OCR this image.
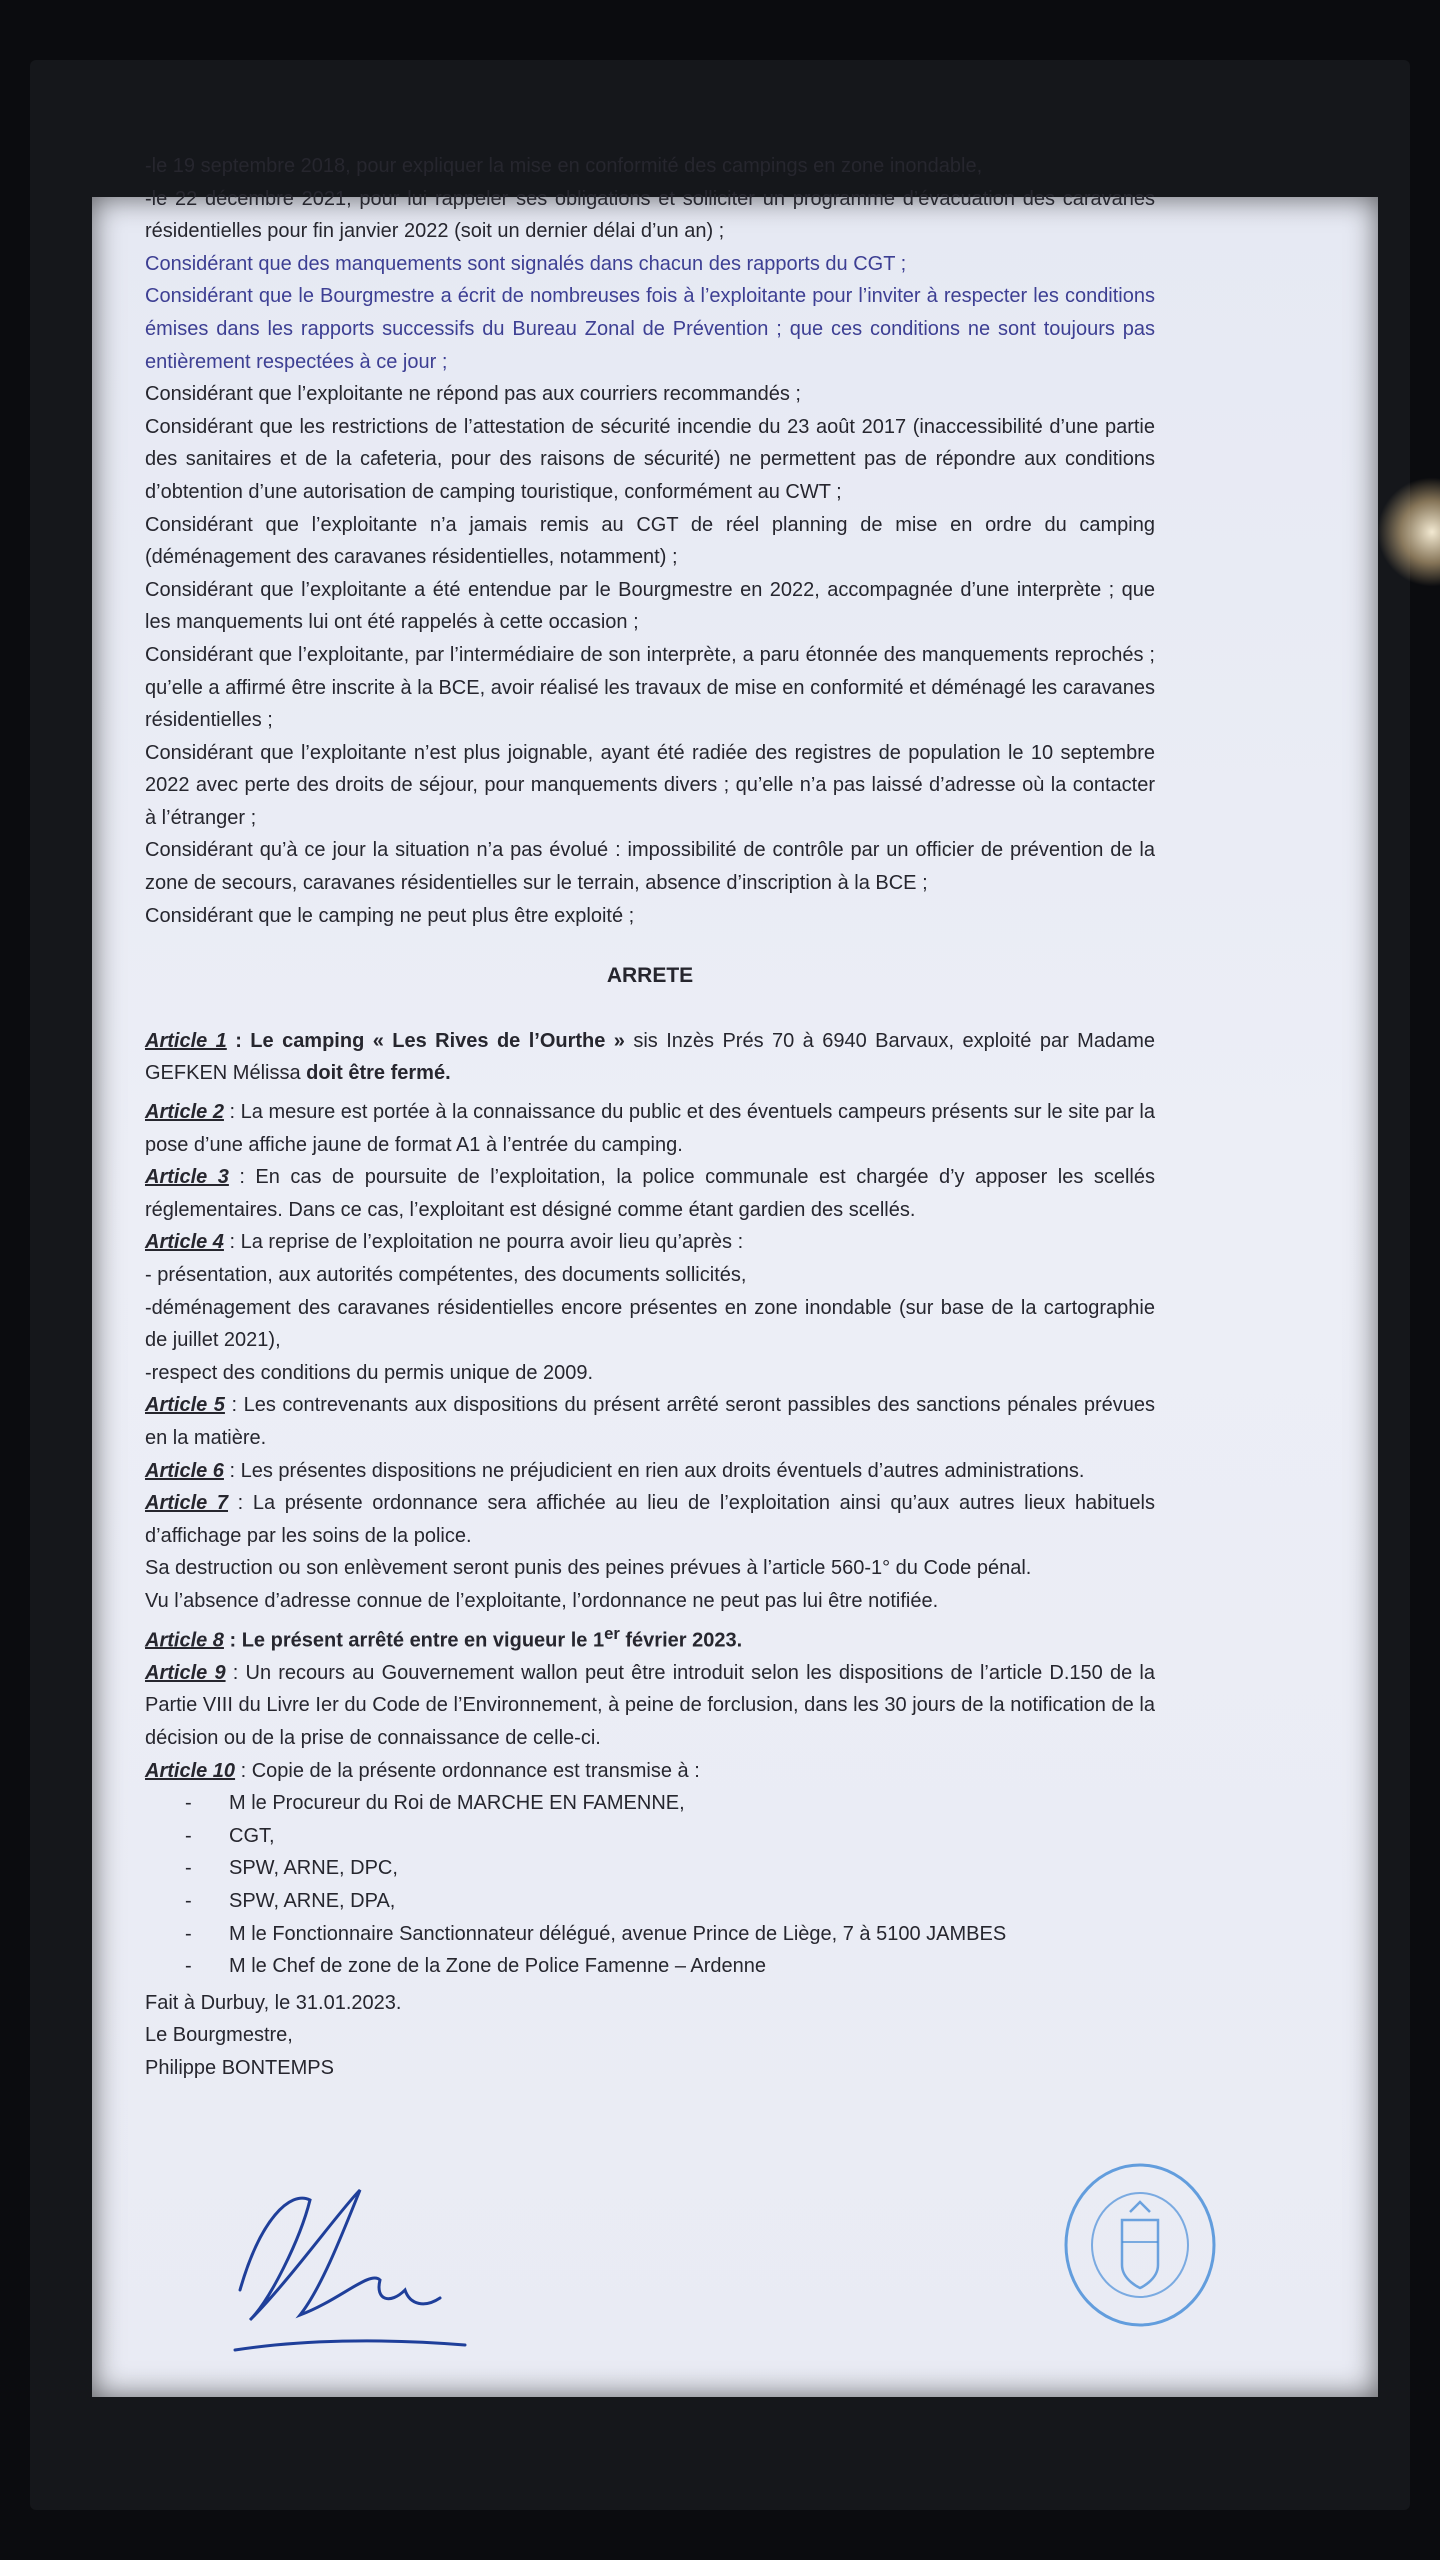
-le 19 septembre 2018, pour expliquer la mise en conformité des campings en zone inondable,

-le 22 décembre 2021, pour lui rappeler ses obligations et solliciter un programme d’évacuation des caravanes résidentielles pour fin janvier 2022 (soit un dernier délai d’un an) ;

Considérant que des manquements sont signalés dans chacun des rapports du CGT ;

Considérant que le Bourgmestre a écrit de nombreuses fois à l’exploitante pour l’inviter à respecter les conditions émises dans les rapports successifs du Bureau Zonal de Prévention ; que ces conditions ne sont toujours pas entièrement respectées à ce jour ;

Considérant que l’exploitante ne répond pas aux courriers recommandés ;

Considérant que les restrictions de l’attestation de sécurité incendie du 23 août 2017 (inaccessibilité d’une partie des sanitaires et de la cafeteria, pour des raisons de sécurité) ne permettent pas de répondre aux conditions d’obtention d’une autorisation de camping touristique, conformément au CWT ;

Considérant que l’exploitante n’a jamais remis au CGT de réel planning de mise en ordre du camping (déménagement des caravanes résidentielles, notamment) ;

Considérant que l’exploitante a été entendue par le Bourgmestre en 2022, accompagnée d’une interprète ; que les manquements lui ont été rappelés à cette occasion ;

Considérant que l’exploitante, par l’intermédiaire de son interprète, a paru étonnée des manquements reprochés ; qu’elle a affirmé être inscrite à la BCE, avoir réalisé les travaux de mise en conformité et déménagé les caravanes résidentielles ;

Considérant que l’exploitante n’est plus joignable, ayant été radiée des registres de population le 10 septembre 2022 avec perte des droits de séjour, pour manquements divers ; qu’elle n’a pas laissé d’adresse où la contacter à l’étranger ;

Considérant qu’à ce jour la situation n’a pas évolué : impossibilité de contrôle par un officier de prévention de la zone de secours, caravanes résidentielles sur le terrain, absence d’inscription à la BCE ;

Considérant que le camping ne peut plus être exploité ;

ARRETE

Article 1 : Le camping « Les Rives de l’Ourthe » sis Inzès Prés 70 à 6940 Barvaux, exploité par Madame GEFKEN Mélissa doit être fermé.

Article 2 : La mesure est portée à la connaissance du public et des éventuels campeurs présents sur le site par la pose d’une affiche jaune de format A1 à l’entrée du camping.

Article 3 : En cas de poursuite de l’exploitation, la police communale est chargée d’y apposer les scellés réglementaires. Dans ce cas, l’exploitant est désigné comme étant gardien des scellés.

Article 4 : La reprise de l’exploitation ne pourra avoir lieu qu’après :

- présentation, aux autorités compétentes, des documents sollicités,

-déménagement des caravanes résidentielles encore présentes en zone inondable (sur base de la cartographie de juillet 2021),

-respect des conditions du permis unique de 2009.

Article 5 : Les contrevenants aux dispositions du présent arrêté seront passibles des sanctions pénales prévues en la matière.

Article 6 : Les présentes dispositions ne préjudicient en rien aux droits éventuels d’autres administrations.

Article 7 : La présente ordonnance sera affichée au lieu de l’exploitation ainsi qu’aux autres lieux habituels d’affichage par les soins de la police.

Sa destruction ou son enlèvement seront punis des peines prévues à l’article 560-1° du Code pénal.

Vu l’absence d’adresse connue de l’exploitante, l’ordonnance ne peut pas lui être notifiée.

Article 8 : Le présent arrêté entre en vigueur le 1er février 2023.

Article 9 : Un recours au Gouvernement wallon peut être introduit selon les dispositions de l’article D.150 de la Partie VIII du Livre Ier du Code de l’Environnement, à peine de forclusion, dans les 30 jours de la notification de la décision ou de la prise de connaissance de celle-ci.

Article 10 : Copie de la présente ordonnance est transmise à :

- M le Procureur du Roi de MARCHE EN FAMENNE,
- CGT,
- SPW, ARNE, DPC,
- SPW, ARNE, DPA,
- M le Fonctionnaire Sanctionnateur délégué, avenue Prince de Liège, 7 à 5100 JAMBES
- M le Chef de zone de la Zone de Police Famenne – Ardenne

Fait à Durbuy, le 31.01.2023.

Le Bourgmestre,

Philippe BONTEMPS
